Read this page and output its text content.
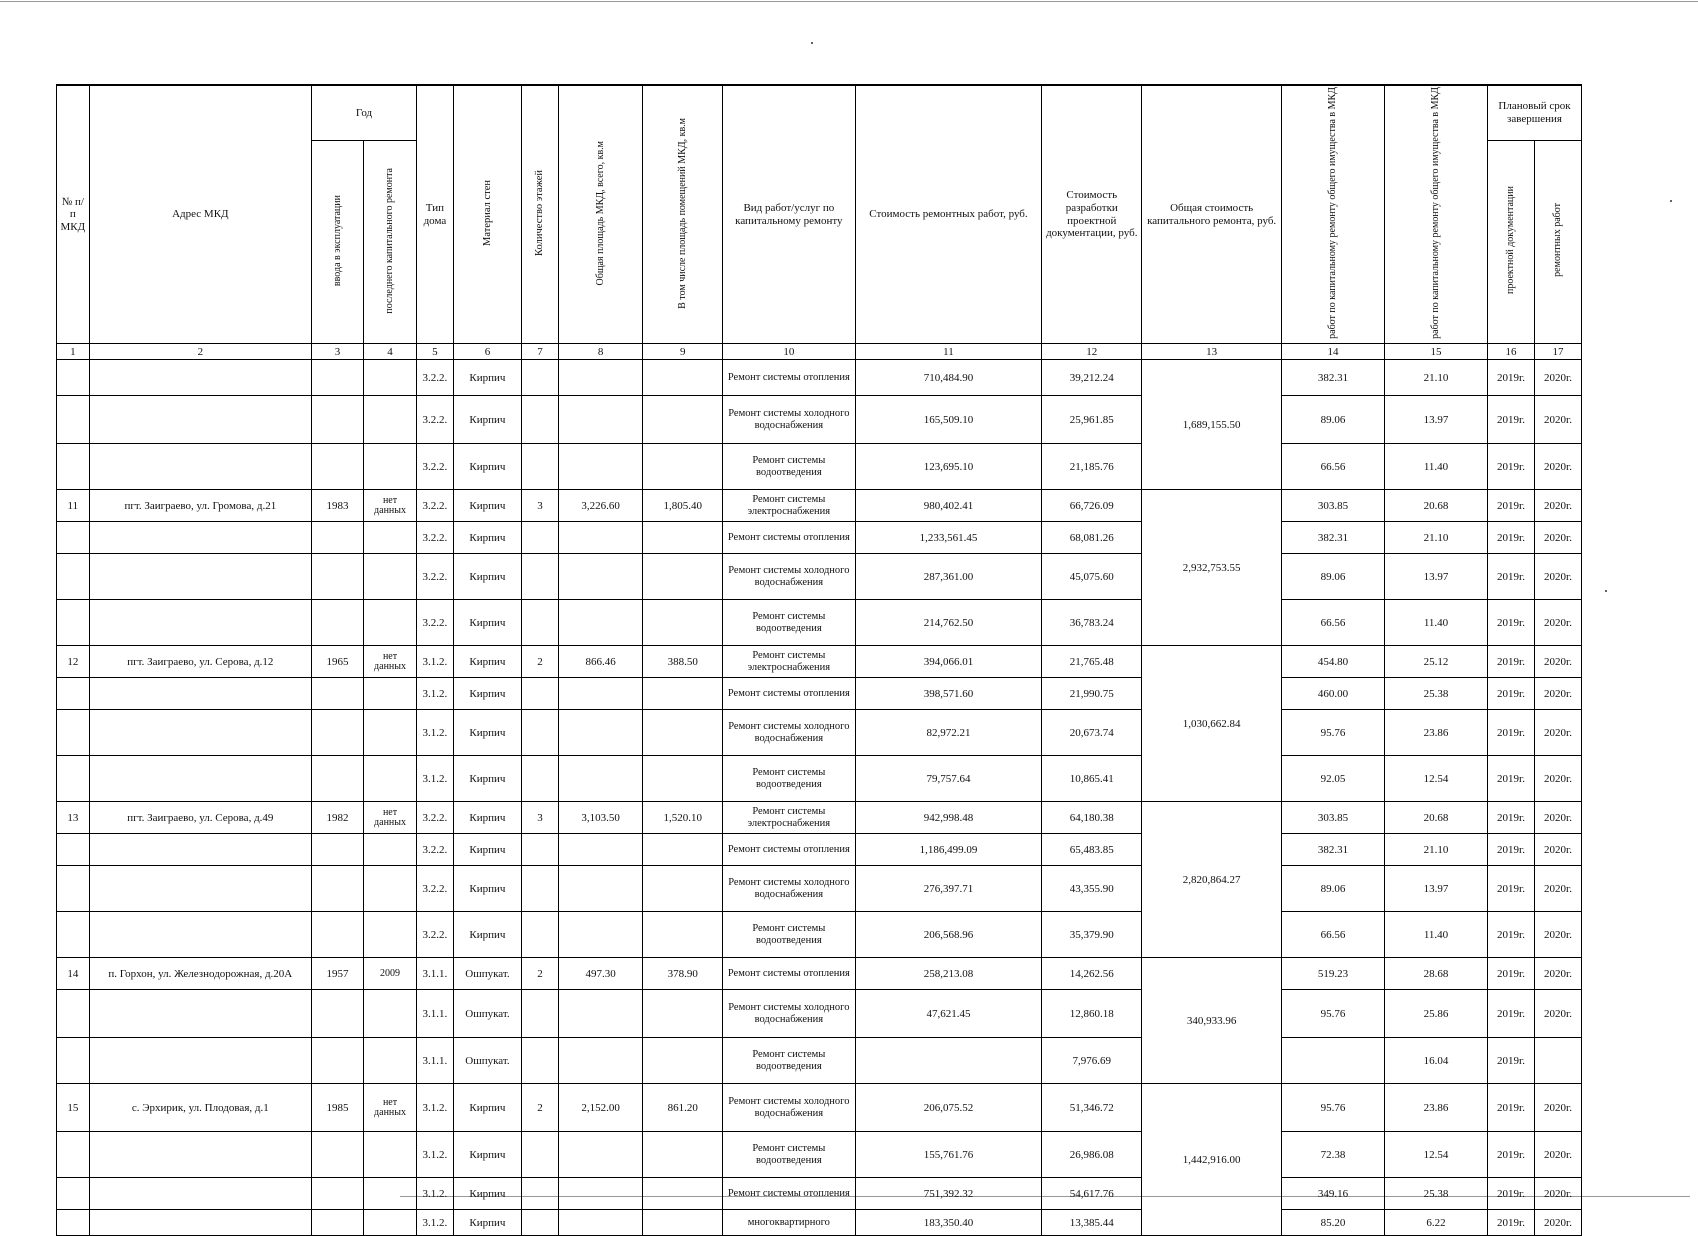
№ п/п МКД	Адрес МКД	Год		Тип дома	Материал стен	Количество этажей	Общая площадь МКД, всего, кв.м	В том числе площадь помещений МКД, кв.м	Вид работ/услуг по капитальному ремонту	Стоимость ремонтных работ, руб.	Стоимость разработки проектной документации, руб.	Общая стоимость капитального ремонта, руб.	работ по капитальному ремонту общего имущества в МКД	работ по капитальному ремонту общего имущества в МКД	Плановый срок завершения	
		ввода в эксплуатации	последнего капитального ремонта												проектной документации	ремонтных работ
1	2	3	4	5	6	7	8	9	10	11	12	13	14	15	16	17
				3.2.2.	Кирпич				Ремонт системы отопления	710,484.90	39,212.24	1,689,155.50	382.31	21.10	2019г.	2020г.
				3.2.2.	Кирпич				Ремонт системы холодного водоснабжения	165,509.10	25,961.85		89.06	13.97	2019г.	2020г.
				3.2.2.	Кирпич				Ремонт системы водоотведения	123,695.10	21,185.76		66.56	11.40	2019г.	2020г.
11	пгт. Заиграево, ул. Громова, д.21	1983	нет данных	3.2.2.	Кирпич	3	3,226.60	1,805.40	Ремонт системы электроснабжения	980,402.41	66,726.09	2,932,753.55	303.85	20.68	2019г.	2020г.
				3.2.2.	Кирпич				Ремонт системы отопления	1,233,561.45	68,081.26		382.31	21.10	2019г.	2020г.
				3.2.2.	Кирпич				Ремонт системы холодного водоснабжения	287,361.00	45,075.60		89.06	13.97	2019г.	2020г.
				3.2.2.	Кирпич				Ремонт системы водоотведения	214,762.50	36,783.24		66.56	11.40	2019г.	2020г.
12	пгт. Заиграево, ул. Серова, д.12	1965	нет данных	3.1.2.	Кирпич	2	866.46	388.50	Ремонт системы электроснабжения	394,066.01	21,765.48	1,030,662.84	454.80	25.12	2019г.	2020г.
				3.1.2.	Кирпич				Ремонт системы отопления	398,571.60	21,990.75		460.00	25.38	2019г.	2020г.
				3.1.2.	Кирпич				Ремонт системы холодного водоснабжения	82,972.21	20,673.74		95.76	23.86	2019г.	2020г.
				3.1.2.	Кирпич				Ремонт системы водоотведения	79,757.64	10,865.41		92.05	12.54	2019г.	2020г.
13	пгт. Заиграево, ул. Серова, д.49	1982	нет данных	3.2.2.	Кирпич	3	3,103.50	1,520.10	Ремонт системы электроснабжения	942,998.48	64,180.38	2,820,864.27	303.85	20.68	2019г.	2020г.
				3.2.2.	Кирпич				Ремонт системы отопления	1,186,499.09	65,483.85		382.31	21.10	2019г.	2020г.
				3.2.2.	Кирпич				Ремонт системы холодного водоснабжения	276,397.71	43,355.90		89.06	13.97	2019г.	2020г.
				3.2.2.	Кирпич				Ремонт системы водоотведения	206,568.96	35,379.90		66.56	11.40	2019г.	2020г.
14	п. Горхон, ул. Железнодорожная, д.20А	1957	2009	3.1.1.	Ошпукат.	2	497.30	378.90	Ремонт системы отопления	258,213.08	14,262.56	340,933.96	519.23	28.68	2019г.	2020г.
				3.1.1.	Ошпукат.				Ремонт системы холодного водоснабжения	47,621.45	12,860.18		95.76	25.86	2019г.	2020г.
				3.1.1.	Ошпукат.				Ремонт системы водоотведения		7,976.69			16.04	2019г.	
15	с. Эрхирик, ул. Плодовая, д.1	1985	нет данных	3.1.2.	Кирпич	2	2,152.00	861.20	Ремонт системы холодного водоснабжения	206,075.52	51,346.72	1,442,916.00	95.76	23.86	2019г.	2020г.
				3.1.2.	Кирпич				Ремонт системы водоотведения	155,761.76	26,986.08		72.38	12.54	2019г.	2020г.
				3.1.2.	Кирпич				Ремонт системы отопления	751,392.32	54,617.76		349.16	25.38	2019г.	2020г.
				3.1.2.	Кирпич				многоквартирного	183,350.40	13,385.44		85.20	6.22	2019г.	2020г.
